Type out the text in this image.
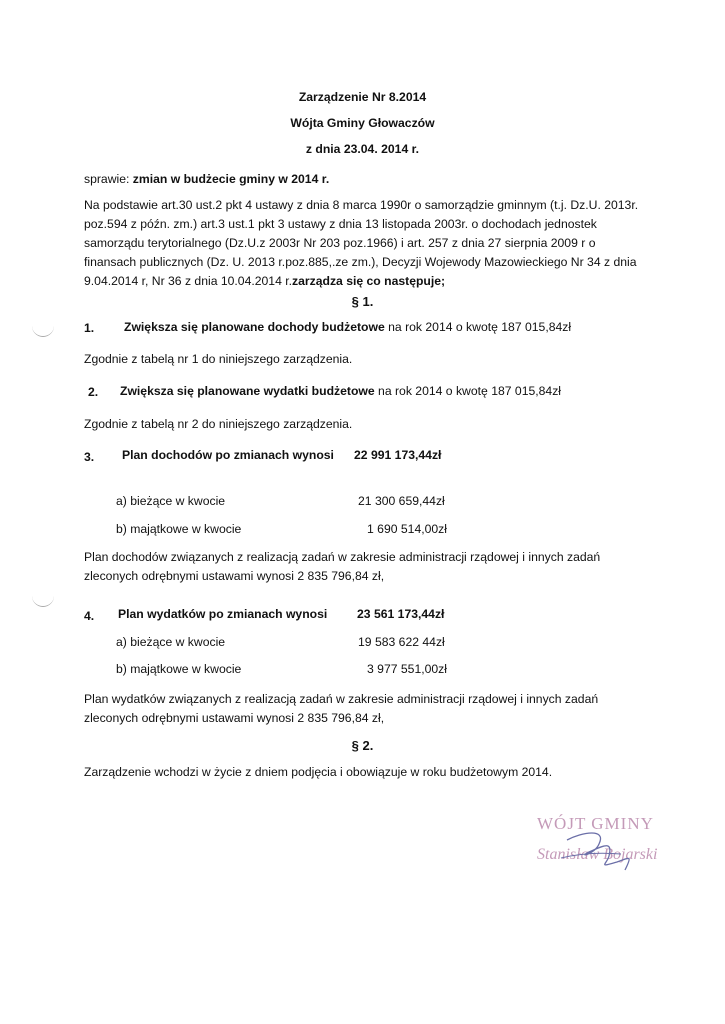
Zarządzenie Nr 8.2014
Wójta Gminy Głowaczów
z dnia 23.04. 2014 r.
sprawie: zmian w budżecie gminy w 2014 r.
Na podstawie art.30 ust.2 pkt 4 ustawy z dnia 8 marca 1990r o samorządzie gminnym (t.j. Dz.U. 2013r. poz.594 z późn. zm.) art.3 ust.1 pkt 3 ustawy z dnia 13 listopada 2003r. o dochodach jednostek samorządu terytorialnego (Dz.U.z 2003r Nr 203 poz.1966) i art. 257 z dnia 27 sierpnia 2009 r o finansach publicznych (Dz. U. 2013 r.poz.885,.ze zm.), Decyzji Wojewody Mazowieckiego Nr 34 z dnia 9.04.2014 r, Nr 36 z dnia 10.04.2014 r.zarządza się co następuje;
§ 1.
1. Zwiększa się planowane dochody budżetowe na rok 2014 o kwotę 187 015,84zł
Zgodnie z tabelą nr 1 do niniejszego zarządzenia.
2. Zwiększa się planowane wydatki budżetowe na rok 2014 o kwotę 187 015,84zł
Zgodnie z tabelą nr 2 do niniejszego zarządzenia.
3. Plan dochodów po zmianach wynosi 22 991 173,44zł
a) bieżące w kwocie	21 300 659,44zł
b) majątkowe w kwocie	1 690 514,00zł
Plan dochodów związanych z realizacją zadań w zakresie administracji rządowej i innych zadań zleconych odrębnymi ustawami wynosi 2 835 796,84 zł,
4. Plan wydatków po zmianach wynosi 23 561 173,44zł
a) bieżące w kwocie	19 583 622 44zł
b) majątkowe w kwocie	3 977 551,00zł
Plan wydatków związanych z realizacją zadań w zakresie administracji rządowej i innych zadań zleconych odrębnymi ustawami wynosi 2 835 796,84 zł,
§ 2.
Zarządzenie wchodzi w życie z dniem podjęcia i obowiązuje w roku budżetowym 2014.
WÓJT GMINY
Stanisław Bojarski
